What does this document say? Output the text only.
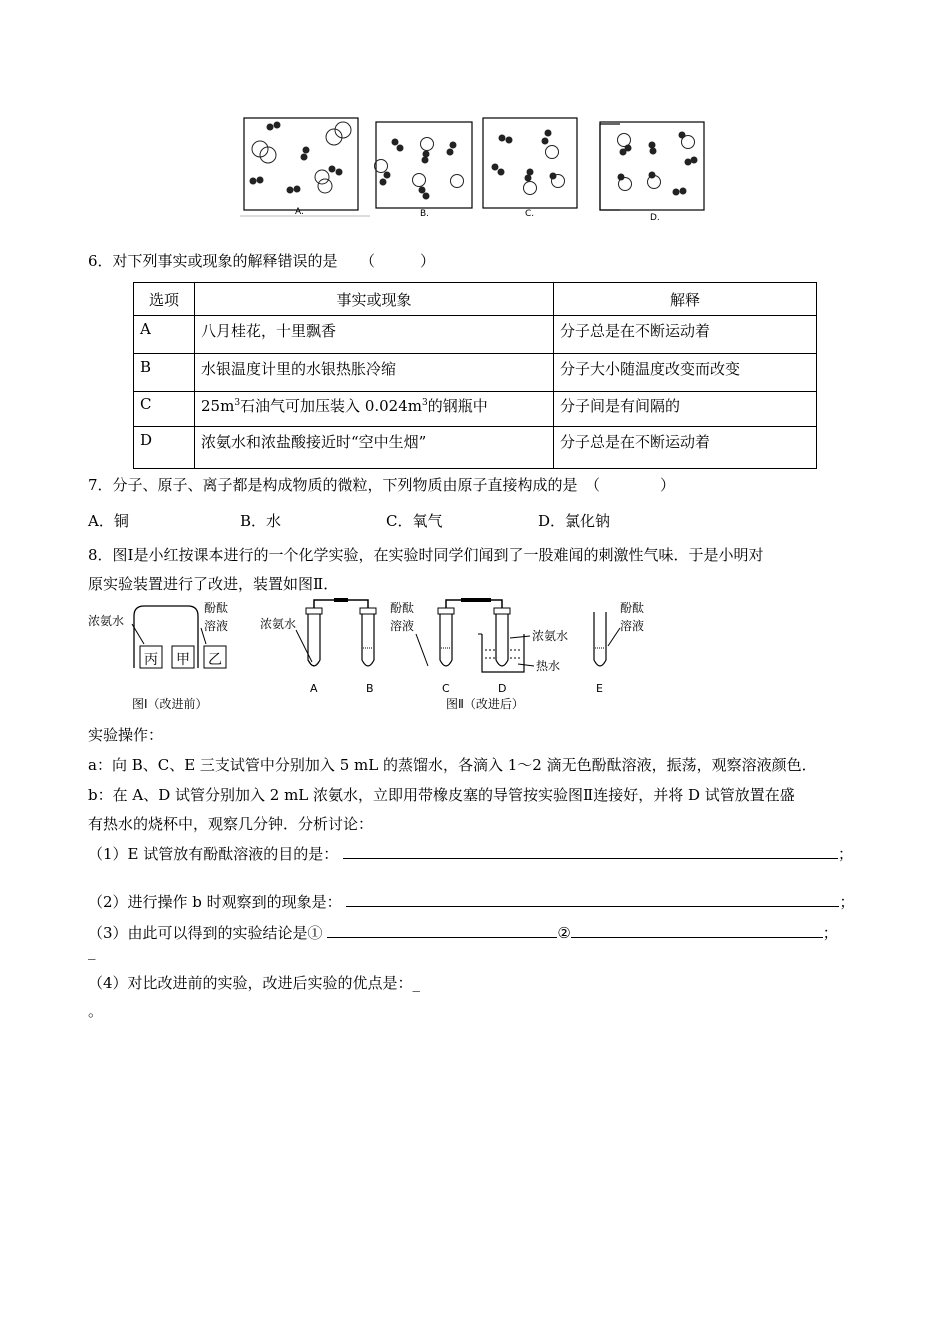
A.	B.	C.	D.
6．对下列事实或现象的解释错误的是　　（　　　）
选项	事实或现象	解释
A	八月桂花，十里飘香	分子总是在不断运动着
B	水银温度计里的水银热胀冷缩	分子大小随温度改变而改变
C	$25m^3$石油气可加压装入 $0.024m^3$的钢瓶中	分子间是有间隔的
D	浓氨水和浓盐酸接近时“空中生烟”	分子总是在不断运动着
7．分子、原子、离子都是构成物质的微粒，下列物质由原子直接构成的是　（　　　　）
A．铜	B．水	C．氧气	D．氯化钠
8．图Ⅰ是小红按课本进行的一个化学实验，在实验时同学们闻到了一股难闻的刺激性气味．于是小明对
原实验装置进行了改进，装置如图Ⅱ．
浓氨水
酚酞
溶液
丙 甲 乙
图Ⅰ（改进前）
浓氨水
酚酞
溶液
浓氨水
热水
酚酞
溶液
A	B	C	D	E
图Ⅱ（改进后）
实验操作：
a：向 B、C、E 三支试管中分别加入 5 mL 的蒸馏水，各滴入 1～2 滴无色酚酞溶液，振荡，观察溶液颜色．
b：在 A、D 试管分别加入 2 mL 浓氨水，立即用带橡皮塞的导管按实验图Ⅱ连接好，并将 D 试管放置在盛
有热水的烧杯中，观察几分钟．分析讨论：
（1）E 试管放有酚酞溶液的目的是：	；
（2）进行操作 b 时观察到的现象是：	；
（3）由此可以得到的实验结论是①	②	；
_
（4）对比改进前的实验，改进后实验的优点是：_
。
